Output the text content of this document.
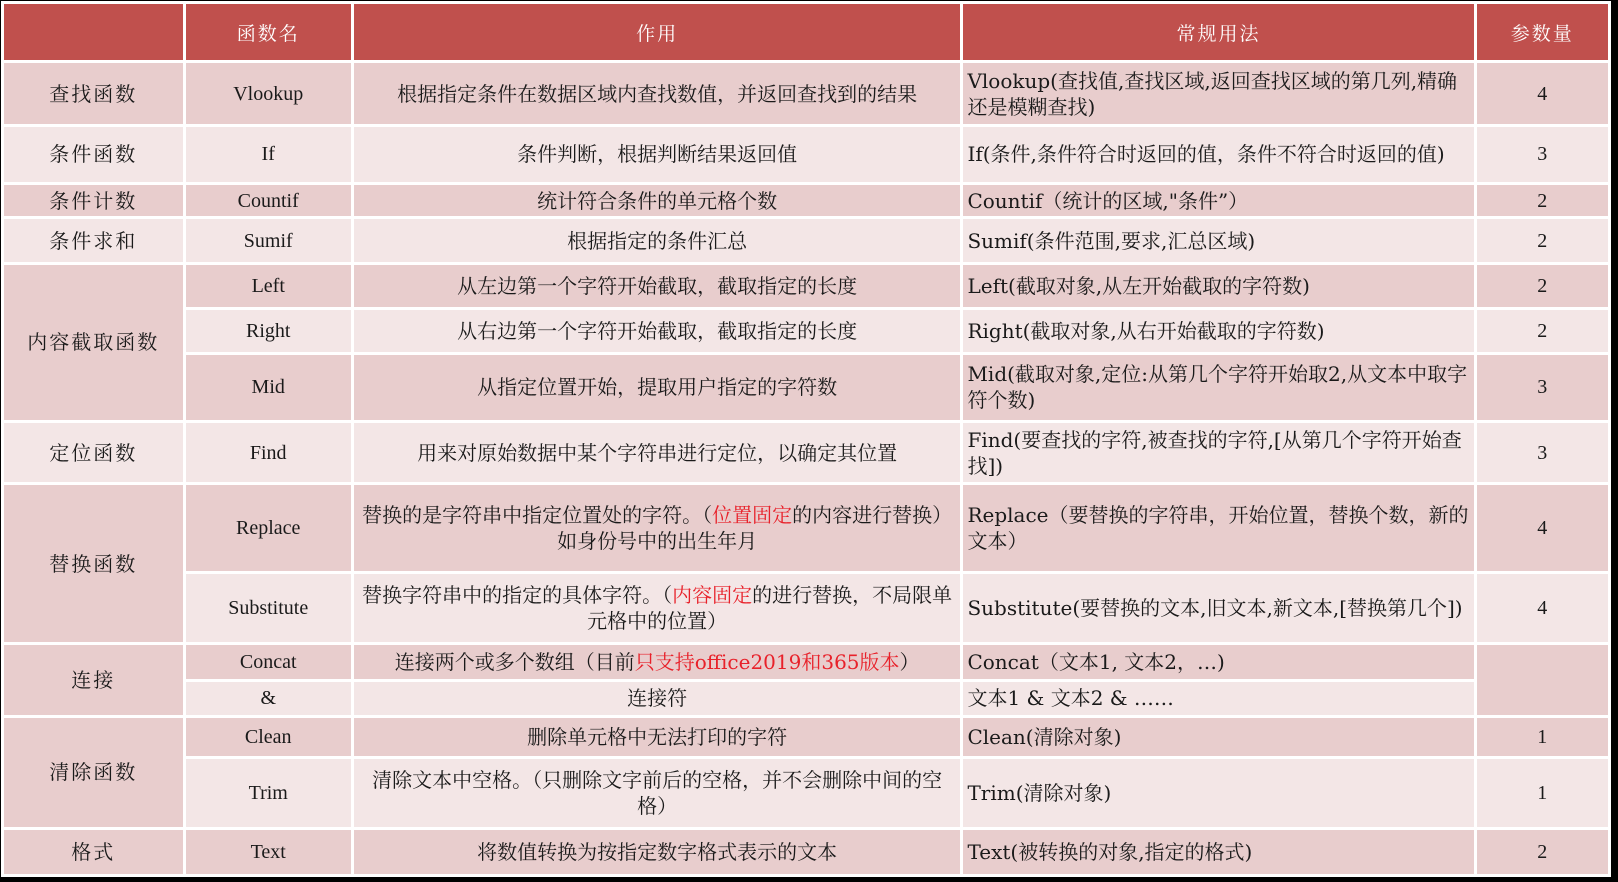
	函数名	作用	常规用法	参数量
查找函数	Vlookup	根据指定条件在数据区域内查找数值，并返回查找到的结果	Vlookup(查找值,查找区域,返回查找区域的第几列,精确还是模糊查找)	4
条件函数	If	条件判断，根据判断结果返回值	If(条件,条件符合时返回的值，条件不符合时返回的值)	3
条件计数	Countif	统计符合条件的单元格个数	Countif（统计的区域,"条件”）	2
条件求和	Sumif	根据指定的条件汇总	Sumif(条件范围,要求,汇总区域)	2
内容截取函数	Left	从左边第一个字符开始截取，截取指定的长度	Left(截取对象,从左开始截取的字符数)	2
	Right	从右边第一个字符开始截取，截取指定的长度	Right(截取对象,从右开始截取的字符数)	2
	Mid	从指定位置开始，提取用户指定的字符数	Mid(截取对象,定位:从第几个字符开始取2,从文本中取字符个数)	3
定位函数	Find	用来对原始数据中某个字符串进行定位，以确定其位置	Find(要查找的字符,被查找的字符,[从第几个字符开始查找])	3
替换函数	Replace	替换的是字符串中指定位置处的字符。（位置固定的内容进行替换）如身份号中的出生年月	Replace（要替换的字符串，开始位置，替换个数，新的文本）	4
	Substitute	替换字符串中的指定的具体字符。（内容固定的进行替换，不局限单元格中的位置）	Substitute(要替换的文本,旧文本,新文本,[替换第几个])	4
连接	Concat	连接两个或多个数组（目前只支持office2019和365版本）	Concat（文本1, 文本2，…)	
	&	连接符	文本1 & 文本2 & ……	
清除函数	Clean	删除单元格中无法打印的字符	Clean(清除对象)	1
	Trim	清除文本中空格。（只删除文字前后的空格，并不会删除中间的空格）	Trim(清除对象)	1
格式	Text	将数值转换为按指定数字格式表示的文本	Text(被转换的对象,指定的格式)	2
